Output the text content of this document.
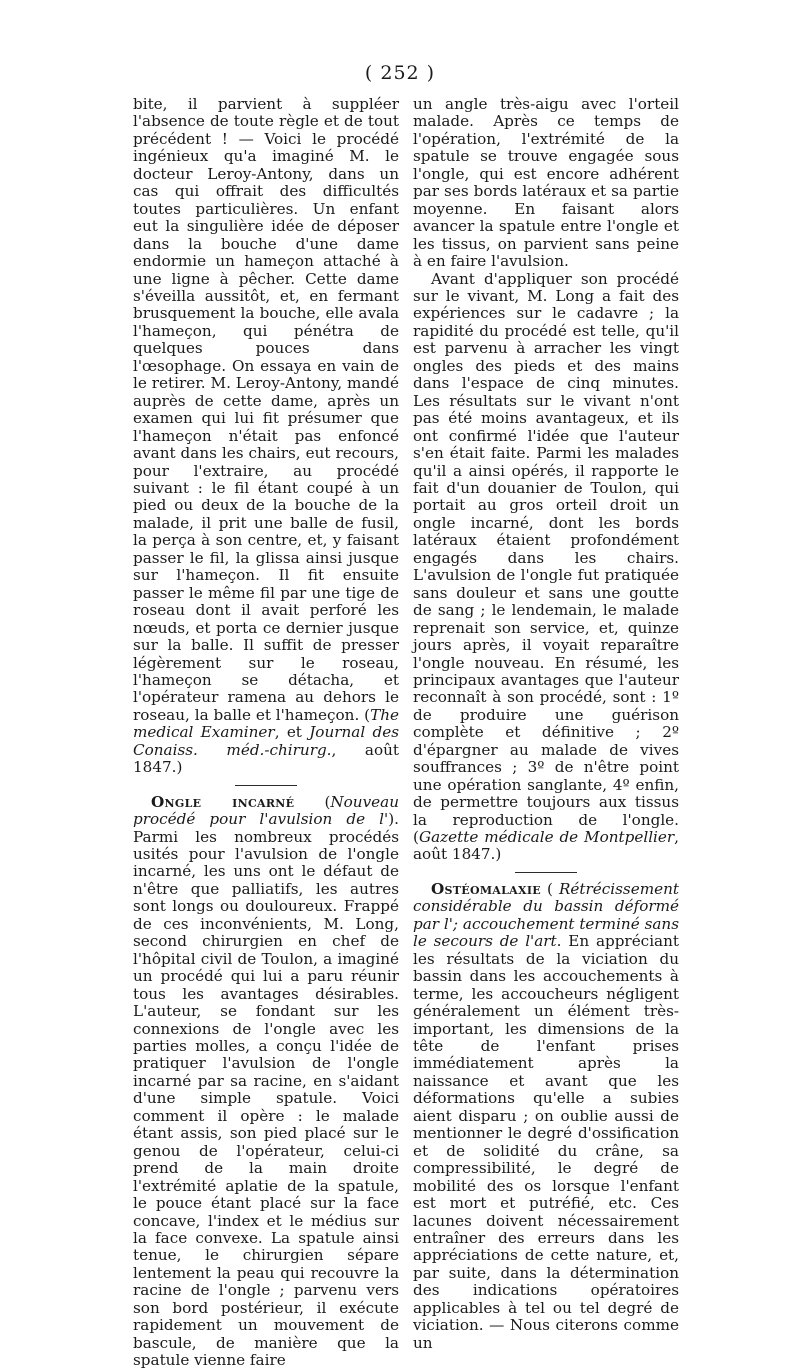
( 252 )

bite, il parvient à suppléer l'absence de toute règle et de tout précédent ! — Voici le procédé ingénieux qu'a imaginé M. le docteur Leroy-Antony, dans un cas qui offrait des difficultés toutes particulières. Un enfant eut la singulière idée de déposer dans la bouche d'une dame endormie un hameçon attaché à une ligne à pêcher. Cette dame s'éveilla aussitôt, et, en fermant brusquement la bouche, elle avala l'hameçon, qui pénétra de quelques pouces dans l'œsophage. On essaya en vain de le retirer. M. Leroy-Antony, mandé auprès de cette dame, après un examen qui lui fit présumer que l'hameçon n'était pas enfoncé avant dans les chairs, eut recours, pour l'extraire, au procédé suivant : le fil étant coupé à un pied ou deux de la bouche de la malade, il prit une balle de fusil, la perça à son centre, et, y faisant passer le fil, la glissa ainsi jusque sur l'hameçon. Il fit ensuite passer le même fil par une tige de roseau dont il avait perforé les nœuds, et porta ce dernier jusque sur la balle. Il suffit de presser légèrement sur le roseau, l'hameçon se détacha, et l'opérateur ramena au dehors le roseau, la balle et l'hameçon. (The medical Examiner, et Journal des Conaiss. méd.-chirurg., août 1847.)

Ongle incarné (Nouveau procédé pour l'avulsion de l'). Parmi les nombreux procédés usités pour l'avulsion de l'ongle incarné, les uns ont le défaut de n'être que palliatifs, les autres sont longs ou douloureux. Frappé de ces inconvénients, M. Long, second chirurgien en chef de l'hôpital civil de Toulon, a imaginé un procédé qui lui a paru réunir tous les avantages désirables. L'auteur, se fondant sur les connexions de l'ongle avec les parties molles, a conçu l'idée de pratiquer l'avulsion de l'ongle incarné par sa racine, en s'aidant d'une simple spatule. Voici comment il opère : le malade étant assis, son pied placé sur le genou de l'opérateur, celui-ci prend de la main droite l'extrémité aplatie de la spatule, le pouce étant placé sur la face concave, l'index et le médius sur la face convexe. La spatule ainsi tenue, le chirurgien sépare lentement la peau qui recouvre la racine de l'ongle ; parvenu vers son bord postérieur, il exécute rapidement un mouvement de bascule, de manière que la spatule vienne faire

un angle très-aigu avec l'orteil malade. Après ce temps de l'opération, l'extrémité de la spatule se trouve engagée sous l'ongle, qui est encore adhérent par ses bords latéraux et sa partie moyenne. En faisant alors avancer la spatule entre l'ongle et les tissus, on parvient sans peine à en faire l'avulsion.

Avant d'appliquer son procédé sur le vivant, M. Long a fait des expériences sur le cadavre ; la rapidité du procédé est telle, qu'il est parvenu à arracher les vingt ongles des pieds et des mains dans l'espace de cinq minutes. Les résultats sur le vivant n'ont pas été moins avantageux, et ils ont confirmé l'idée que l'auteur s'en était faite. Parmi les malades qu'il a ainsi opérés, il rapporte le fait d'un douanier de Toulon, qui portait au gros orteil droit un ongle incarné, dont les bords latéraux étaient profondément engagés dans les chairs. L'avulsion de l'ongle fut pratiquée sans douleur et sans une goutte de sang ; le lendemain, le malade reprenait son service, et, quinze jours après, il voyait reparaître l'ongle nouveau. En résumé, les principaux avantages que l'auteur reconnaît à son procédé, sont : 1º de produire une guérison complète et définitive ; 2º d'épargner au malade de vives souffrances ; 3º de n'être point une opération sanglante, 4º enfin, de permettre toujours aux tissus la reproduction de l'ongle. (Gazette médicale de Montpellier, août 1847.)

Ostéomalaxie ( Rétrécissement considérable du bassin déformé par l'; accouchement terminé sans le secours de l'art. En appréciant les résultats de la viciation du bassin dans les accouchements à terme, les accoucheurs négligent généralement un élément très-important, les dimensions de la tête de l'enfant prises immédiatement après la naissance et avant que les déformations qu'elle a subies aient disparu ; on oublie aussi de mentionner le degré d'ossification et de solidité du crâne, sa compressibilité, le degré de mobilité des os lorsque l'enfant est mort et putréfié, etc. Ces lacunes doivent nécessairement entraîner des erreurs dans les appréciations de cette nature, et, par suite, dans la détermination des indications opératoires applicables à tel ou tel degré de viciation. — Nous citerons comme un
